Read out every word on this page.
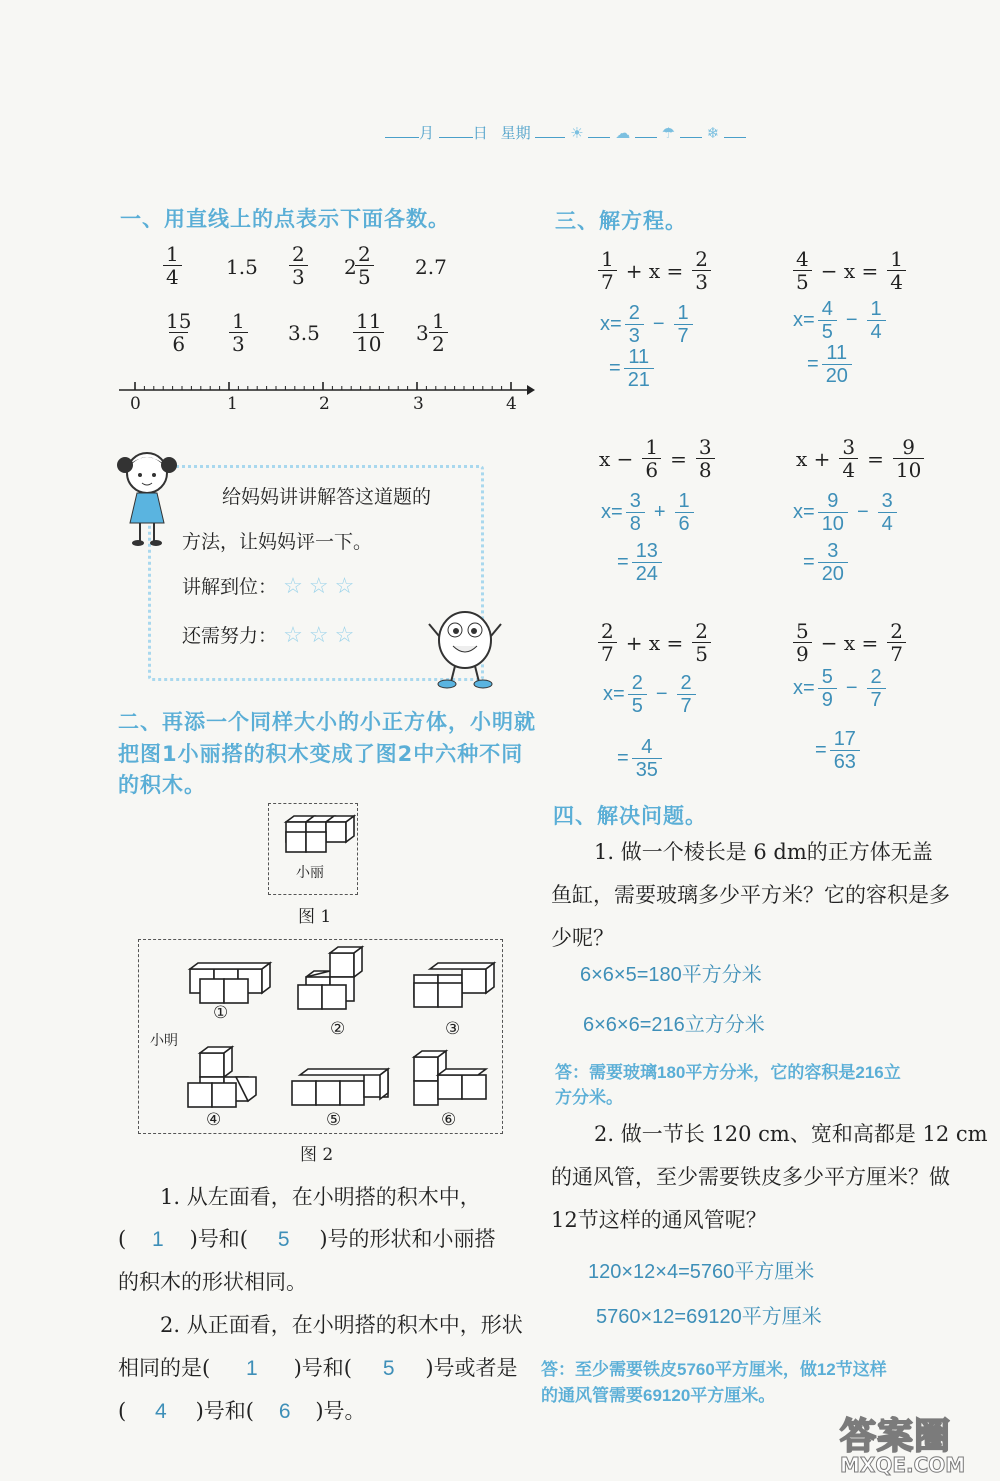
月	日 星期	☀ ☁ ☂ ❄
一、用直线上的点表示下面各数。
$\frac{1}{4} 1.5 \frac{2}{3} 2$
$\frac{2}{5} 2.7$
$\frac{15}{6} \frac{1}{3} 3.5 \frac{11}{10} 3 \frac{1}{2}$
0	1	2	3	4
给妈妈讲讲解答这道题的
方法，让妈妈评一下。
讲解到位： ☆ ☆ ☆
还需努力： ☆ ☆ ☆
二、再添一个同样大小的小正方体，小明就
把图1小丽搭的积木变成了图2中六种不同
的积木。
小丽
图 1
小明
①
②	③
④	⑤	⑥
图 2
1. 从左面看，在小明搭的积木中，
( 1 )号和( 5 )号的形状和小丽搭
的积木的形状相同。
2. 从正面看，在小明搭的积木中，形状
相同的是( 1 )号和( 5 )号或者是
( 4 )号和( 6 )号。
三、解方程。
四、解决问题。
1. 做一个棱长是 6 dm的正方体无盖
鱼缸，需要玻璃多少平方米？它的容积是多
少呢？
6×6×5=180平方分米
6×6×6=216立方分米
答：需要玻璃180平方分米，它的容积是216立
方分米。
2. 做一节长 120 cm、宽和高都是 12 cm
的通风管，至少需要铁皮多少平方厘米？做
12节这样的通风管呢？
120×12×4=5760平方厘米
5760×12=69120平方厘米
答：至少需要铁皮5760平方厘米，做12节这样
的通风管需要69120平方厘米。
答案圈
MXQE.COM
$\frac{1}{7} + x = \frac{2}{3}$
$x= \frac{2}{3} - \frac{1}{7}$
= $\frac{11}{21}$
$\frac{4}{5} - x = \frac{1}{4}$
$x= \frac{4}{5} - \frac{1}{4}$
= $\frac{11}{20}$
$x - \frac{1}{6} = \frac{3}{8}$
$x= \frac{3}{8} + \frac{1}{6}$
= $\frac{13}{24}$
$x + \frac{3}{4} = \frac{9}{10}$
$x= \frac{9}{10} - \frac{3}{4}$
= $\frac{3}{20}$
$\frac{2}{7} + x = \frac{2}{5}$
$x= \frac{2}{5} - \frac{2}{7}$
= $\frac{4}{35}$
$\frac{5}{9} - x = \frac{2}{7}$
$x= \frac{5}{9} - \frac{2}{7}$
= $\frac{17}{63}$
